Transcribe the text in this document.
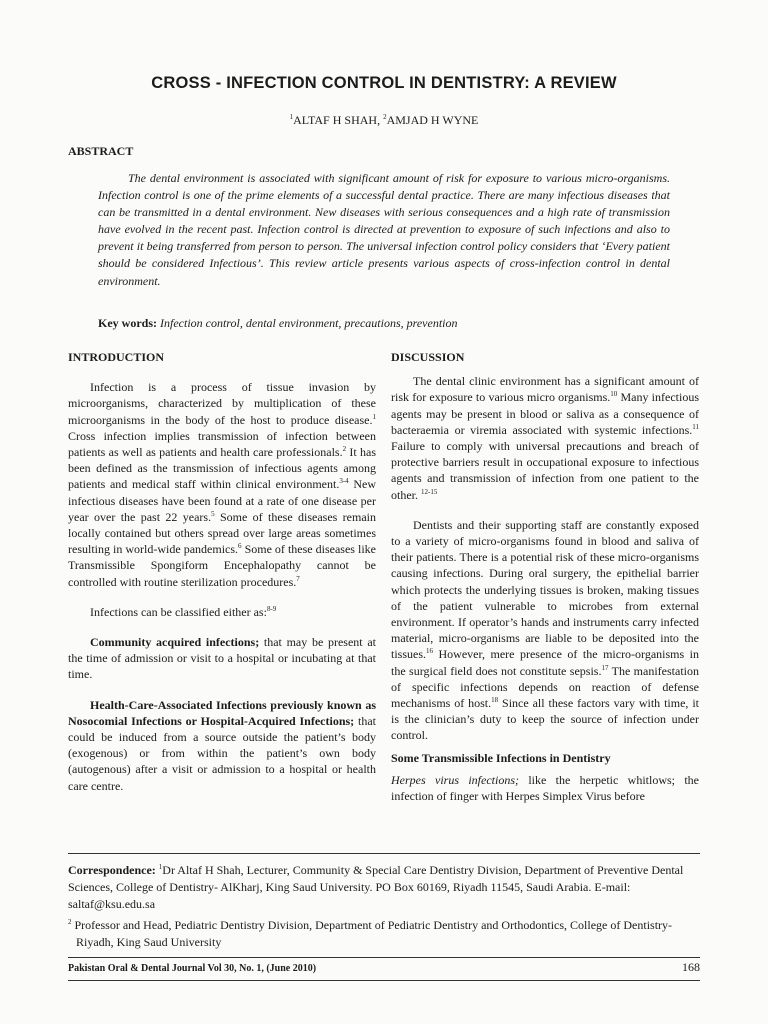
CROSS - INFECTION CONTROL IN DENTISTRY: A REVIEW
$^1$ALTAF H SHAH, $^2$AMJAD H WYNE
ABSTRACT
The dental environment is associated with significant amount of risk for exposure to various micro-organisms. Infection control is one of the prime elements of a successful dental practice. There are many infectious diseases that can be transmitted in a dental environment. New diseases with serious consequences and a high rate of transmission have evolved in the recent past. Infection control is directed at prevention to exposure of such infections and also to prevent it being transferred from person to person. The universal infection control policy considers that ‘Every patient should be considered Infectious’. This review article presents various aspects of cross-infection control in dental environment.
Key words: Infection control, dental environment, precautions, prevention
INTRODUCTION
Infection is a process of tissue invasion by microorganisms, characterized by multiplication of these microorganisms in the body of the host to produce disease.$^1$ Cross infection implies transmission of infection between patients as well as patients and health care professionals.$^2$ It has been defined as the transmission of infectious agents among patients and medical staff within clinical environment.$^{3-4}$ New infectious diseases have been found at a rate of one disease per year over the past 22 years.$^5$ Some of these diseases remain locally contained but others spread over large areas sometimes resulting in world-wide pandemics.$^6$ Some of these diseases like Transmissible Spongiform Encephalopathy cannot be controlled with routine sterilization procedures.$^7$
Infections can be classified either as:$^{8-9}$
Community acquired infections; that may be present at the time of admission or visit to a hospital or incubating at that time.
Health-Care-Associated Infections previously known as Nosocomial Infections or Hospital-Acquired Infections; that could be induced from a source outside the patient’s body (exogenous) or from within the patient’s own body (autogenous) after a visit or admission to a hospital or health care centre.
DISCUSSION
The dental clinic environment has a significant amount of risk for exposure to various micro organisms.$^{10}$ Many infectious agents may be present in blood or saliva as a consequence of bacteraemia or viremia associated with systemic infections.$^{11}$ Failure to comply with universal precautions and breach of protective barriers result in occupational exposure to infectious agents and transmission of infection from one patient to the other. $^{12-15}$
Dentists and their supporting staff are constantly exposed to a variety of micro-organisms found in blood and saliva of their patients. There is a potential risk of these micro-organisms causing infections. During oral surgery, the epithelial barrier which protects the underlying tissues is broken, making tissues of the patient vulnerable to microbes from external environment. If operator’s hands and instruments carry infected material, micro-organisms are liable to be deposited into the tissues.$^{16}$ However, mere presence of the micro-organisms in the surgical field does not constitute sepsis.$^{17}$ The manifestation of specific infections depends on reaction of defense mechanisms of host.$^{18}$ Since all these factors vary with time, it is the clinician’s duty to keep the source of infection under control.
Some Transmissible Infections in Dentistry
Herpes virus infections; like the herpetic whitlows; the infection of finger with Herpes Simplex Virus before
Correspondence: $^1$Dr Altaf H Shah, Lecturer, Community & Special Care Dentistry Division, Department of Preventive Dental Sciences, College of Dentistry- AlKharj, King Saud University. PO Box 60169, Riyadh 11545, Saudi Arabia. E-mail: saltaf@ksu.edu.sa
$^2$ Professor and Head, Pediatric Dentistry Division, Department of Pediatric Dentistry and Orthodontics, College of Dentistry-Riyadh, King Saud University
Pakistan Oral & Dental Journal Vol 30, No. 1, (June 2010)	168
